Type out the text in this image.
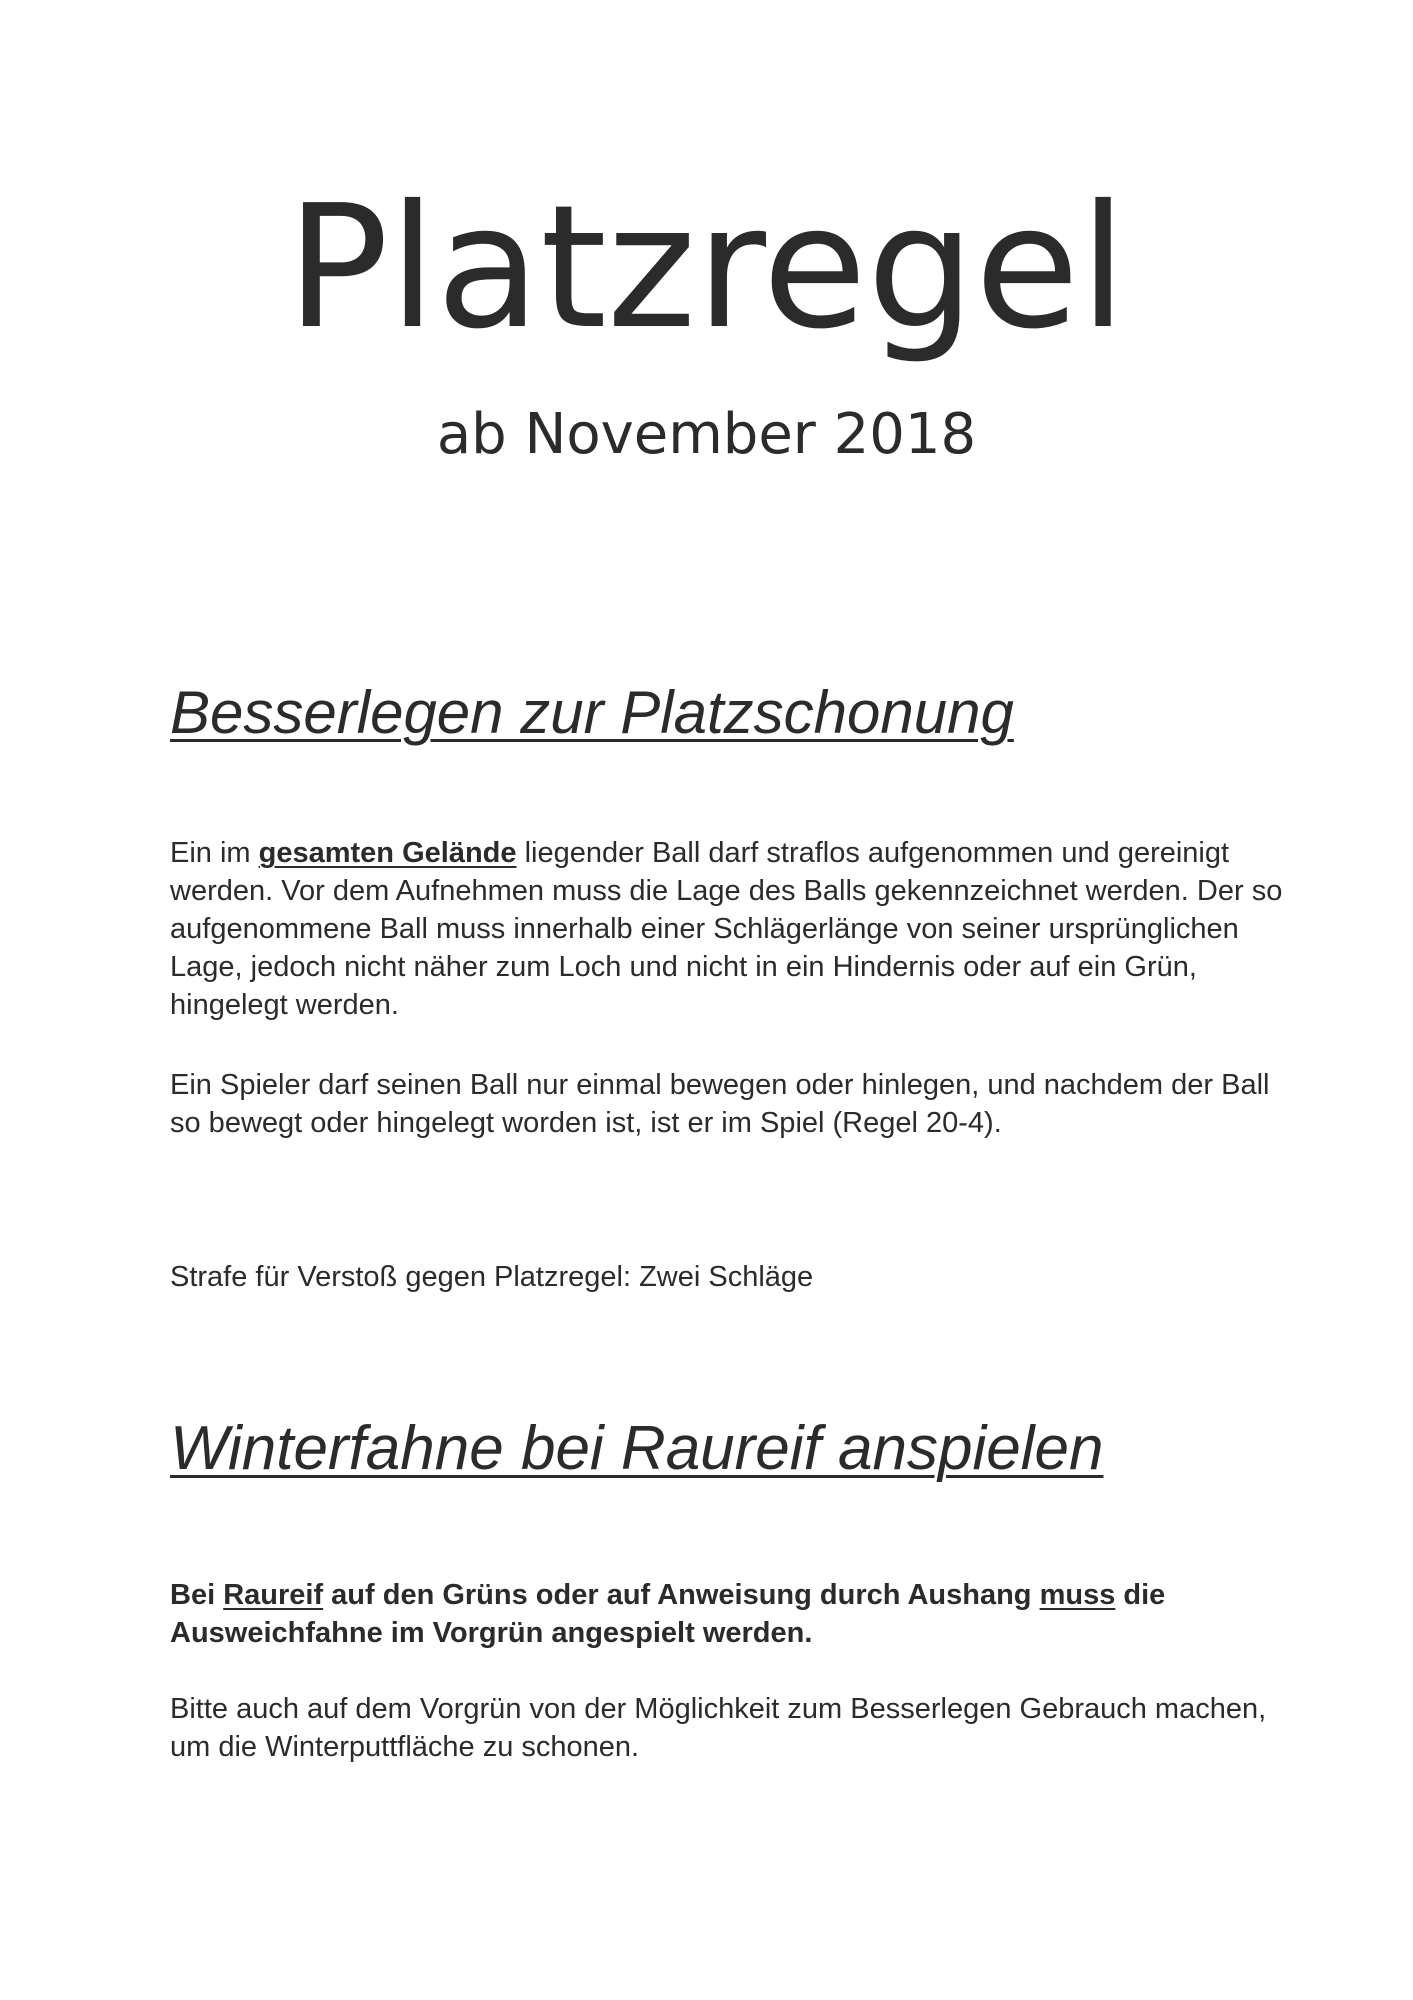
Platzregel
ab November 2018
Besserlegen zur Platzschonung

Ein im gesamten Gelände liegender Ball darf straflos aufgenommen und gereinigt werden. Vor dem Aufnehmen muss die Lage des Balls gekennzeichnet werden. Der so aufgenommene Ball muss innerhalb einer Schlägerlänge von seiner ursprünglichen Lage, jedoch nicht näher zum Loch und nicht in ein Hindernis oder auf ein Grün, hingelegt werden.

Ein Spieler darf seinen Ball nur einmal bewegen oder hinlegen, und nachdem der Ball so bewegt oder hingelegt worden ist, ist er im Spiel (Regel 20-4).

Strafe für Verstoß gegen Platzregel: Zwei Schläge

Winterfahne bei Raureif anspielen

Bei Raureif auf den Grüns oder auf Anweisung durch Aushang muss die Ausweichfahne im Vorgrün angespielt werden.

Bitte auch auf dem Vorgrün von der Möglichkeit zum Besserlegen Gebrauch machen, um die Winterputtfläche zu schonen.
